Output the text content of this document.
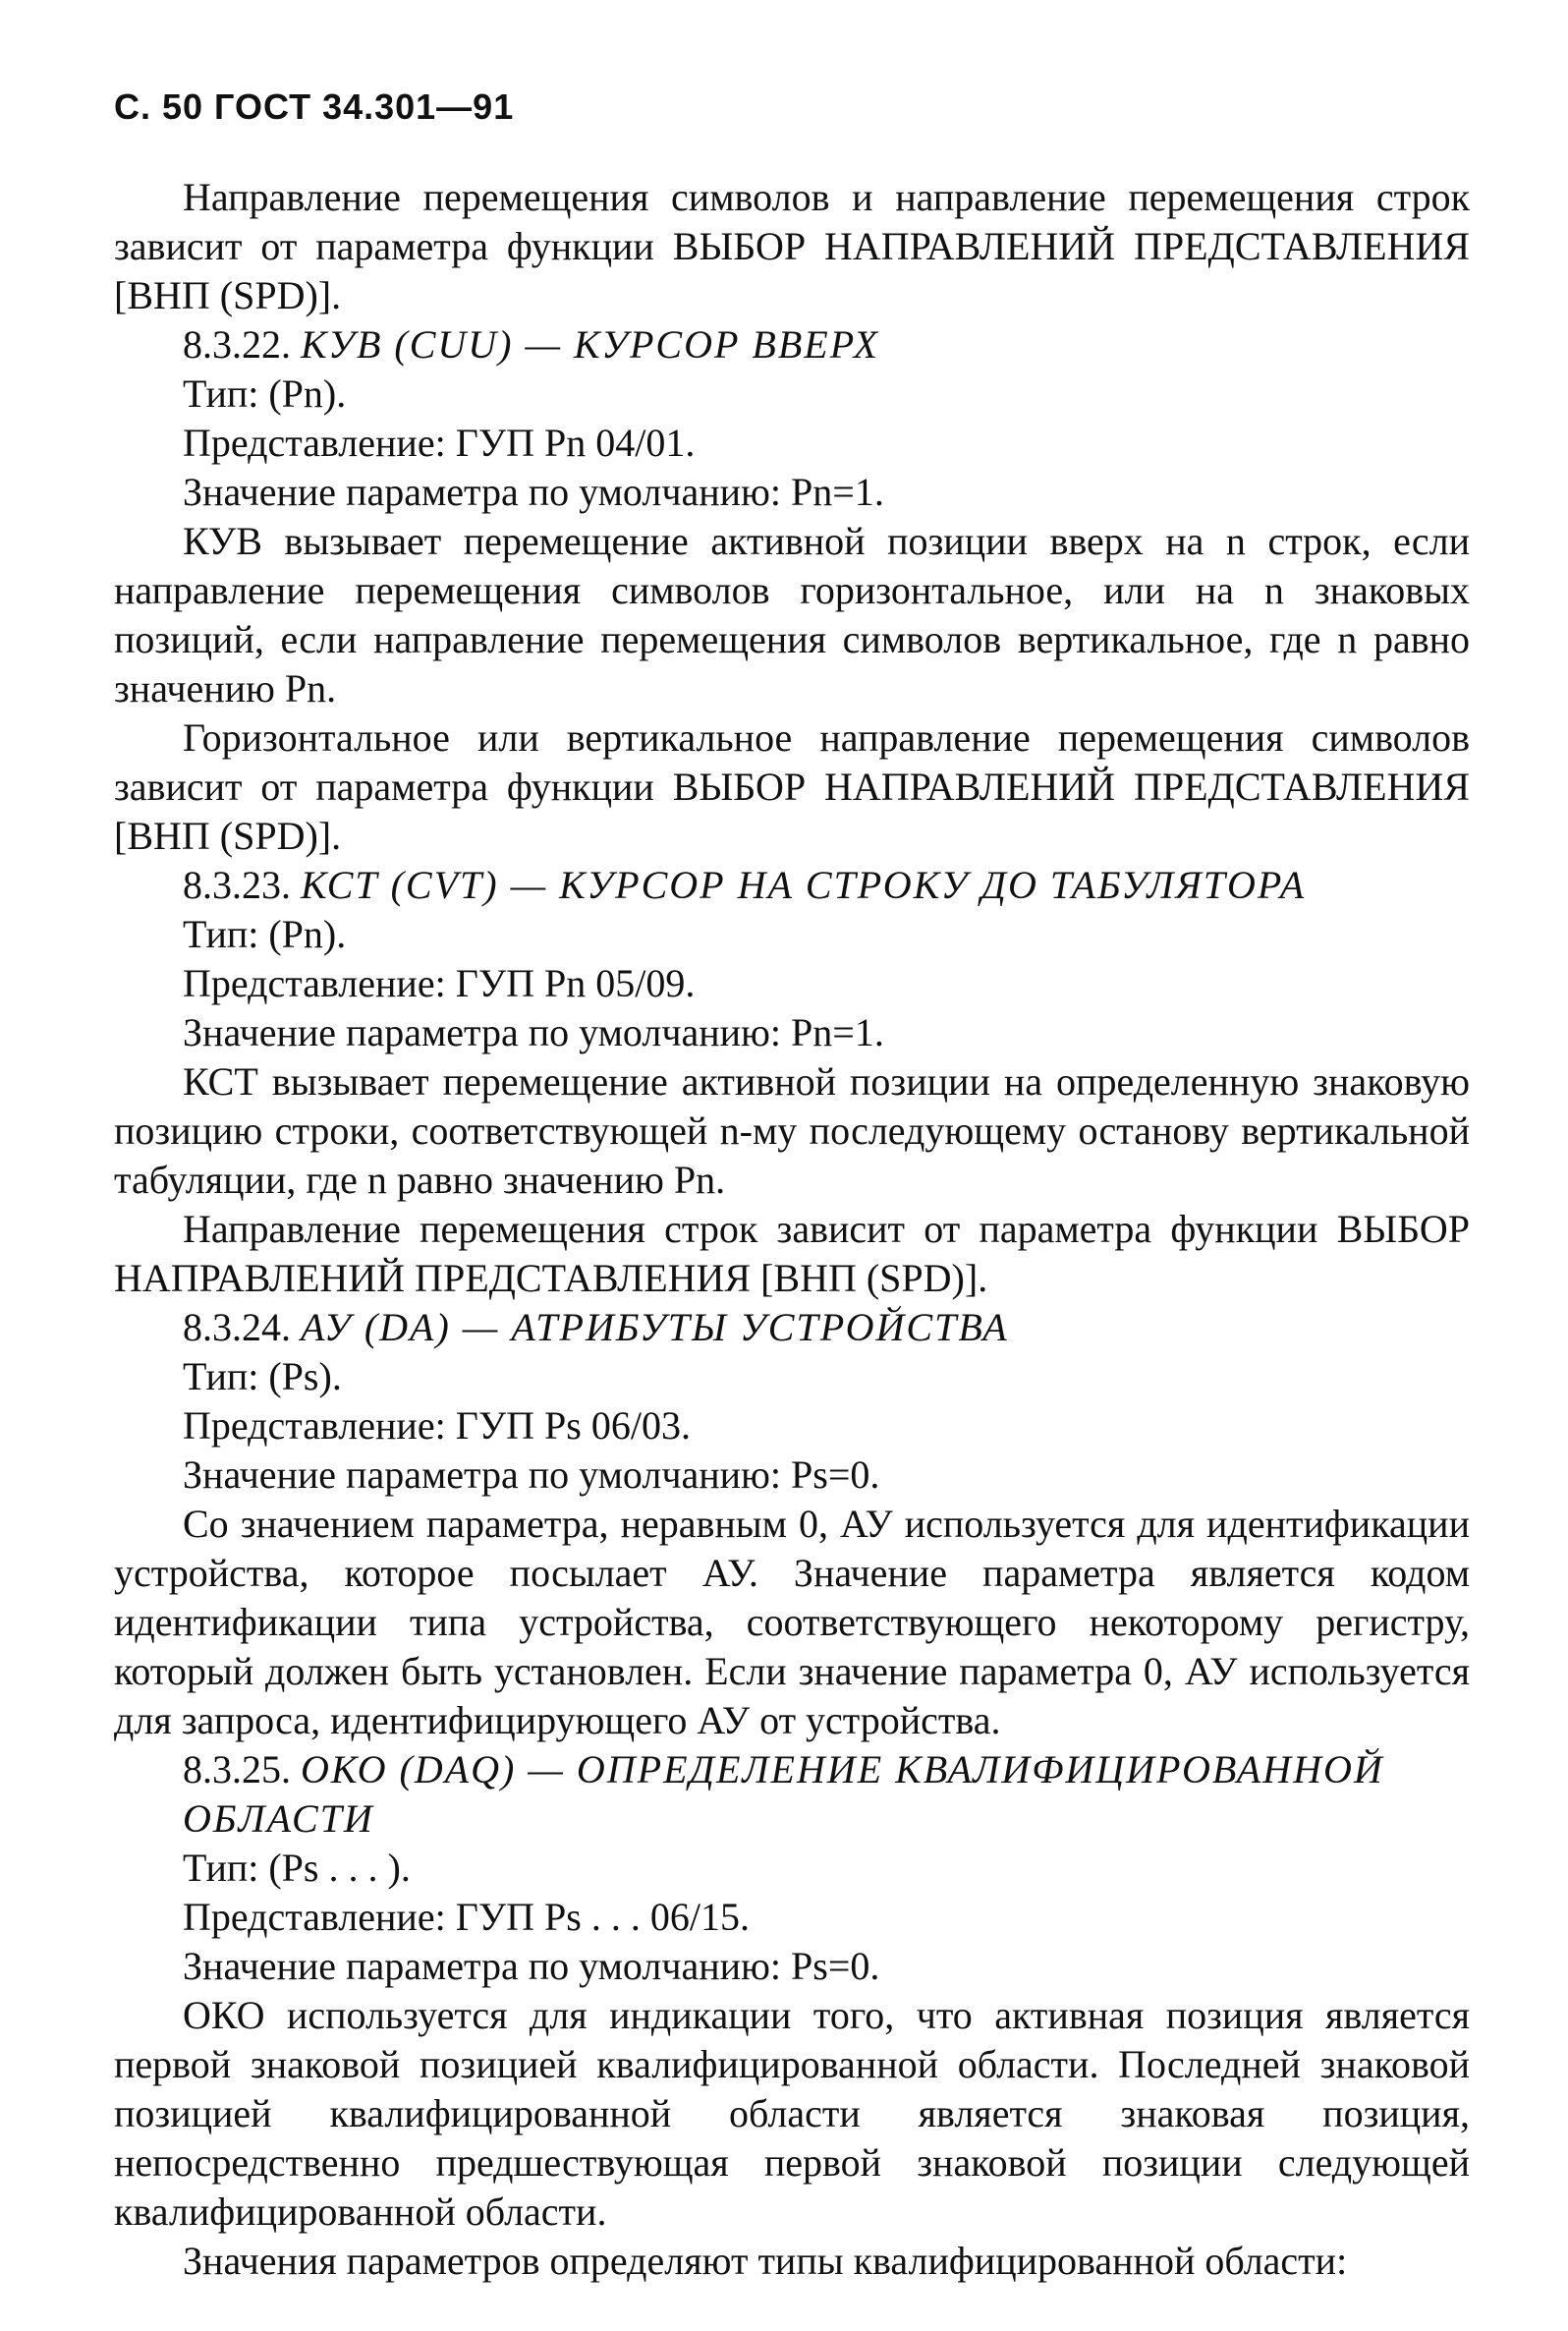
С. 50 ГОСТ 34.301—91

Направление перемещения символов и направление перемещения строк зависит от параметра функции ВЫБОР НАПРАВЛЕНИЙ ПРЕДСТАВЛЕНИЯ [ВНП (SPD)].

8.3.22. КУВ (CUU) — КУРСОР ВВЕРХ

Тип: (Pn).

Представление: ГУП Pn 04/01.

Значение параметра по умолчанию: Pn=1.

КУВ вызывает перемещение активной позиции вверх на n строк, если направление перемещения символов горизонтальное, или на n знаковых позиций, если направление перемещения символов вертикальное, где n равно значению Pn.

Горизонтальное или вертикальное направление перемещения символов зависит от параметра функции ВЫБОР НАПРАВЛЕНИЙ ПРЕДСТАВЛЕНИЯ [ВНП (SPD)].

8.3.23. КСТ (CVT) — КУРСОР НА СТРОКУ ДО ТАБУЛЯТОРА

Тип: (Pn).

Представление: ГУП Pn 05/09.

Значение параметра по умолчанию: Pn=1.

КСТ вызывает перемещение активной позиции на определенную знаковую позицию строки, соответствующей n-му последующему останову вертикальной табуляции, где n равно значению Pn.

Направление перемещения строк зависит от параметра функции ВЫБОР НАПРАВЛЕНИЙ ПРЕДСТАВЛЕНИЯ [ВНП (SPD)].

8.3.24. АУ (DA) — АТРИБУТЫ УСТРОЙСТВА

Тип: (Ps).

Представление: ГУП Ps 06/03.

Значение параметра по умолчанию: Ps=0.

Со значением параметра, неравным 0, АУ используется для идентификации устройства, которое посылает АУ. Значение параметра является кодом идентификации типа устройства, соответствующего некоторому регистру, который должен быть установлен. Если значение параметра 0, АУ используется для запроса, идентифицирующего АУ от устройства.

8.3.25. ОКО (DAQ) — ОПРЕДЕЛЕНИЕ КВАЛИФИЦИРОВАННОЙ ОБЛАСТИ

Тип: (Ps . . . ).

Представление: ГУП Ps . . . 06/15.

Значение параметра по умолчанию: Ps=0.

ОКО используется для индикации того, что активная позиция является первой знаковой позицией квалифицированной области. Последней знаковой позицией квалифицированной области является знаковая позиция, непосредственно предшествующая первой знаковой позиции следующей квалифицированной области.

Значения параметров определяют типы квалифицированной области:
